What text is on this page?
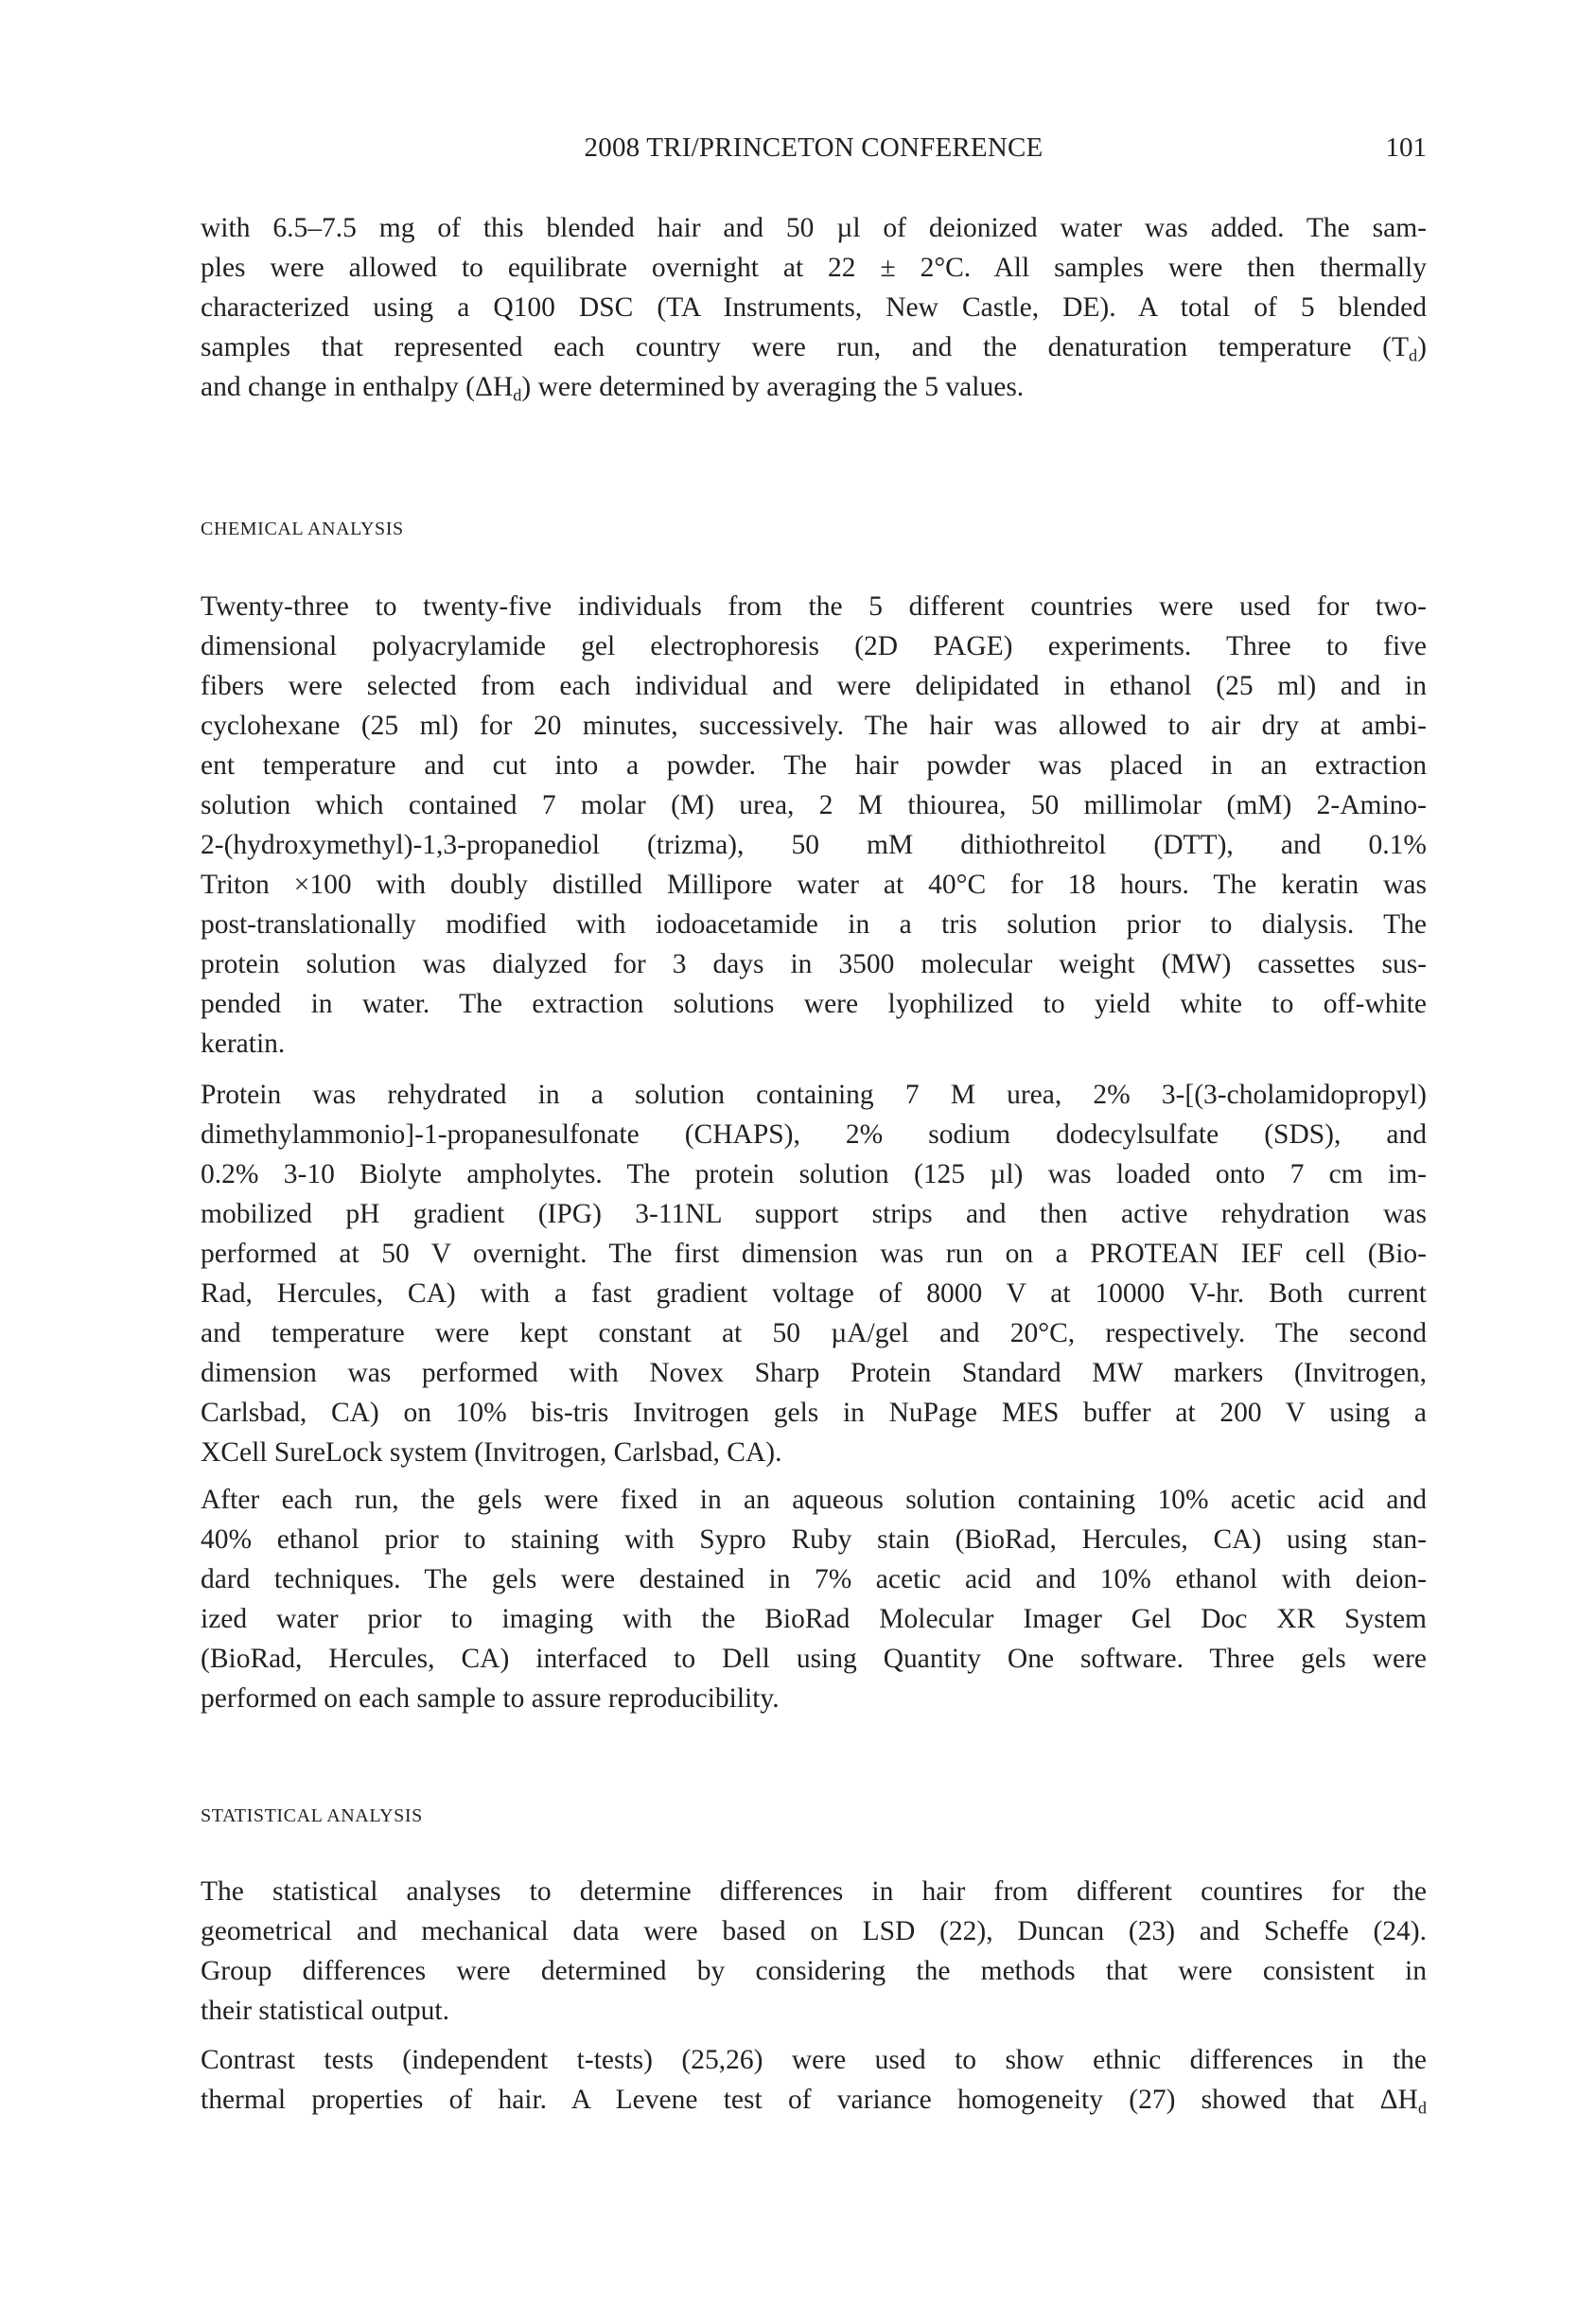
2008 TRI/PRINCETON CONFERENCE	101
with 6.5–7.5 mg of this blended hair and 50 µl of deionized water was added. The sam-
ples were allowed to equilibrate overnight at 22 ± 2°C. All samples were then thermally
characterized using a Q100 DSC (TA Instruments, New Castle, DE). A total of 5 blended
samples that represented each country were run, and the denaturation temperature $(T_d)$
and change in enthalpy $(\Delta H_d)$ were determined by averaging the 5 values.
CHEMICAL ANALYSIS
Twenty-three to twenty-five individuals from the 5 different countries were used for two-
dimensional polyacrylamide gel electrophoresis (2D PAGE) experiments. Three to five
fibers were selected from each individual and were delipidated in ethanol (25 ml) and in
cyclohexane (25 ml) for 20 minutes, successively. The hair was allowed to air dry at ambi-
ent temperature and cut into a powder. The hair powder was placed in an extraction
solution which contained 7 molar (M) urea, 2 M thiourea, 50 millimolar (mM) 2-Amino-
2-(hydroxymethyl)-1,3-propanediol (trizma), 50 mM dithiothreitol (DTT), and 0.1%
Triton ×100 with doubly distilled Millipore water at 40°C for 18 hours. The keratin was
post-translationally modified with iodoacetamide in a tris solution prior to dialysis. The
protein solution was dialyzed for 3 days in 3500 molecular weight (MW) cassettes sus-
pended in water. The extraction solutions were lyophilized to yield white to off-white
keratin.
Protein was rehydrated in a solution containing 7 M urea, 2% 3-[(3-cholamidopropyl)
dimethylammonio]-1-propanesulfonate (CHAPS), 2% sodium dodecylsulfate (SDS), and
0.2% 3-10 Biolyte ampholytes. The protein solution (125 µl) was loaded onto 7 cm im-
mobilized pH gradient (IPG) 3-11NL support strips and then active rehydration was
performed at 50 V overnight. The first dimension was run on a PROTEAN IEF cell (Bio-
Rad, Hercules, CA) with a fast gradient voltage of 8000 V at 10000 V-hr. Both current
and temperature were kept constant at 50 µA/gel and 20°C, respectively. The second
dimension was performed with Novex Sharp Protein Standard MW markers (Invitrogen,
Carlsbad, CA) on 10% bis-tris Invitrogen gels in NuPage MES buffer at 200 V using a
XCell SureLock system (Invitrogen, Carlsbad, CA).
After each run, the gels were fixed in an aqueous solution containing 10% acetic acid and
40% ethanol prior to staining with Sypro Ruby stain (BioRad, Hercules, CA) using stan-
dard techniques. The gels were destained in 7% acetic acid and 10% ethanol with deion-
ized water prior to imaging with the BioRad Molecular Imager Gel Doc XR System
(BioRad, Hercules, CA) interfaced to Dell using Quantity One software. Three gels were
performed on each sample to assure reproducibility.
STATISTICAL ANALYSIS
The statistical analyses to determine differences in hair from different countires for the
geometrical and mechanical data were based on LSD (22), Duncan (23) and Scheffe (24).
Group differences were determined by considering the methods that were consistent in
their statistical output.
Contrast tests (independent t-tests) (25,26) were used to show ethnic differences in the
thermal properties of hair. A Levene test of variance homogeneity (27) showed that $\Delta H_d$
